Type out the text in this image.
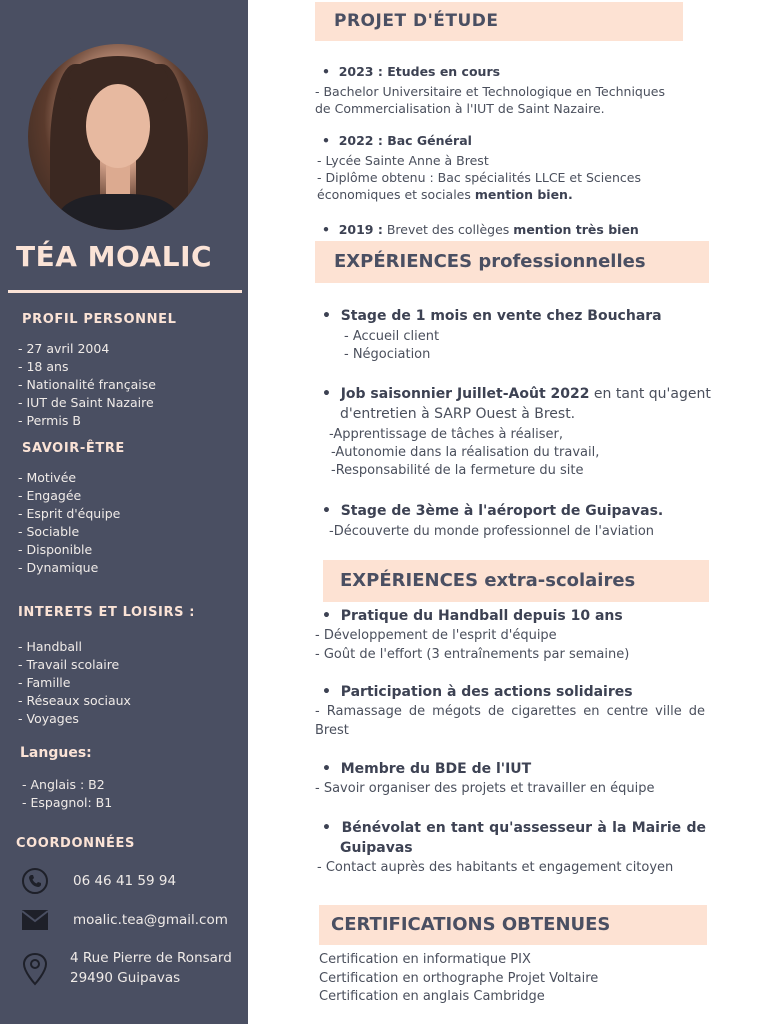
TÉA MOALIC
PROFIL PERSONNEL
- 27 avril 2004
- 18 ans
- Nationalité française
- IUT de Saint Nazaire
- Permis B
SAVOIR-ÊTRE
- Motivée
- Engagée
- Esprit d'équipe
- Sociable
- Disponible
- Dynamique
INTERETS ET LOISIRS :
- Handball
- Travail scolaire
- Famille
- Réseaux sociaux
- Voyages
Langues:
- Anglais : B2
- Espagnol: B1
COORDONNÉES
06 46 41 59 94
moalic.tea@gmail.com
4 Rue Pierre de Ronsard
29490 Guipavas
PROJET D'ÉTUDE
•  2023 : Etudes en cours
- Bachelor Universitaire et Technologique en Techniques
de Commercialisation à l'IUT de Saint Nazaire.
•  2022 : Bac Général
- Lycée Sainte Anne à Brest
- Diplôme obtenu : Bac spécialités LLCE et Sciences
économiques et sociales mention bien.
•  2019 : Brevet des collèges mention très bien
EXPÉRIENCES professionnelles
•  Stage de 1 mois en vente chez Bouchara
- Accueil client
- Négociation
•  Job saisonnier Juillet-Août 2022 en tant qu'agent
d'entretien à SARP Ouest à Brest.
-Apprentissage de tâches à réaliser,
-Autonomie dans la réalisation du travail,
-Responsabilité de la fermeture du site
•  Stage de 3ème à l'aéroport de Guipavas.
-Découverte du monde professionnel de l'aviation
EXPÉRIENCES extra-scolaires
•  Pratique du Handball depuis 10 ans
- Développement de l'esprit d'équipe
- Goût de l'effort (3 entraînements par semaine)
•  Participation à des actions solidaires
- Ramassage de mégots de cigarettes en centre ville de
Brest
•  Membre du BDE de l'IUT
- Savoir organiser des projets et travailler en équipe
•  Bénévolat en tant qu'assesseur à la Mairie de
Guipavas
- Contact auprès des habitants et engagement citoyen
CERTIFICATIONS OBTENUES
Certification en informatique PIX
Certification en orthographe Projet Voltaire
Certification en anglais Cambridge
